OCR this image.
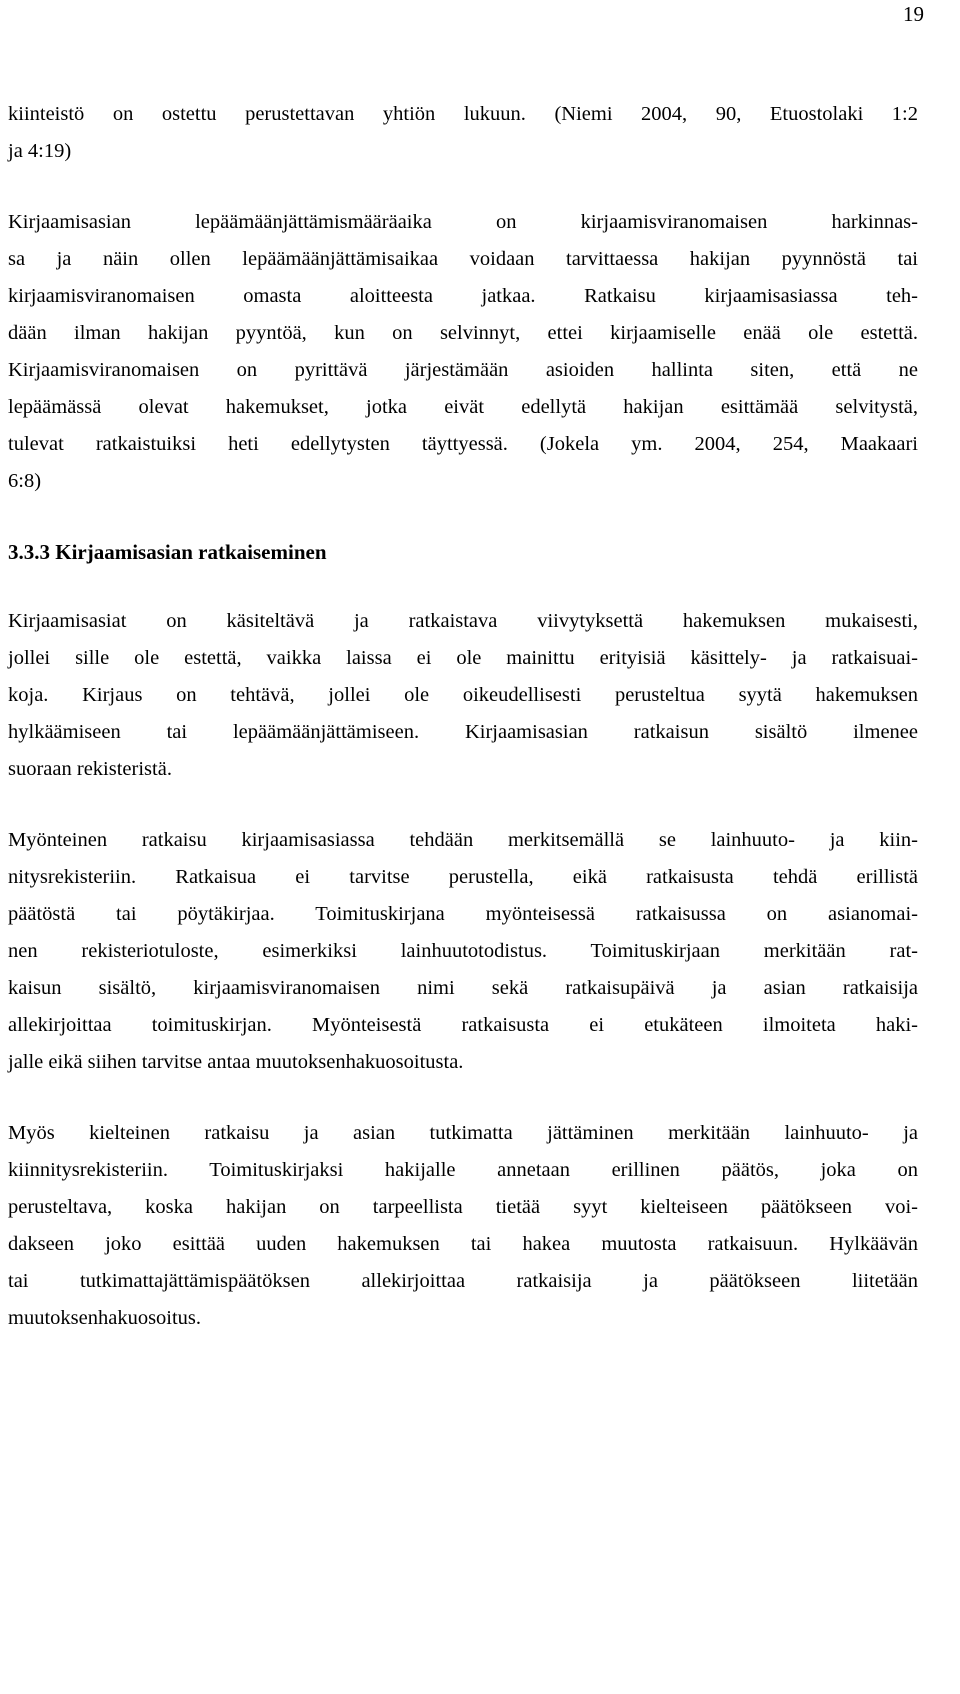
19
kiinteistö on ostettu perustettavan yhtiön lukuun. (Niemi 2004, 90, Etuostolaki 1:2
ja 4:19)
Kirjaamisasian lepäämäänjättämismääräaika on kirjaamisviranomaisen harkinnas-
sa ja näin ollen lepäämäänjättämisaikaa voidaan tarvittaessa hakijan pyynnöstä tai
kirjaamisviranomaisen omasta aloitteesta jatkaa. Ratkaisu kirjaamisasiassa teh-
dään ilman hakijan pyyntöä, kun on selvinnyt, ettei kirjaamiselle enää ole estettä.
Kirjaamisviranomaisen on pyrittävä järjestämään asioiden hallinta siten, että ne
lepäämässä olevat hakemukset, jotka eivät edellytä hakijan esittämää selvitystä,
tulevat ratkaistuiksi heti edellytysten täyttyessä. (Jokela ym. 2004, 254, Maakaari
6:8)
3.3.3 Kirjaamisasian ratkaiseminen
Kirjaamisasiat on käsiteltävä ja ratkaistava viivytyksettä hakemuksen mukaisesti,
jollei sille ole estettä, vaikka laissa ei ole mainittu erityisiä käsittely- ja ratkaisuai-
koja. Kirjaus on tehtävä, jollei ole oikeudellisesti perusteltua syytä hakemuksen
hylkäämiseen tai lepäämäänjättämiseen. Kirjaamisasian ratkaisun sisältö ilmenee
suoraan rekisteristä.
Myönteinen ratkaisu kirjaamisasiassa tehdään merkitsemällä se lainhuuto- ja kiin-
nitysrekisteriin. Ratkaisua ei tarvitse perustella, eikä ratkaisusta tehdä erillistä
päätöstä tai pöytäkirjaa. Toimituskirjana myönteisessä ratkaisussa on asianomai-
nen rekisteriotuloste, esimerkiksi lainhuutotodistus. Toimituskirjaan merkitään rat-
kaisun sisältö, kirjaamisviranomaisen nimi sekä ratkaisupäivä ja asian ratkaisija
allekirjoittaa toimituskirjan. Myönteisestä ratkaisusta ei etukäteen ilmoiteta haki-
jalle eikä siihen tarvitse antaa muutoksenhakuosoitusta.
Myös kielteinen ratkaisu ja asian tutkimatta jättäminen merkitään lainhuuto- ja
kiinnitysrekisteriin. Toimituskirjaksi hakijalle annetaan erillinen päätös, joka on
perusteltava, koska hakijan on tarpeellista tietää syyt kielteiseen päätökseen voi-
dakseen joko esittää uuden hakemuksen tai hakea muutosta ratkaisuun. Hylkäävän
tai tutkimattajättämispäätöksen allekirjoittaa ratkaisija ja päätökseen liitetään
muutoksenhakuosoitus.
